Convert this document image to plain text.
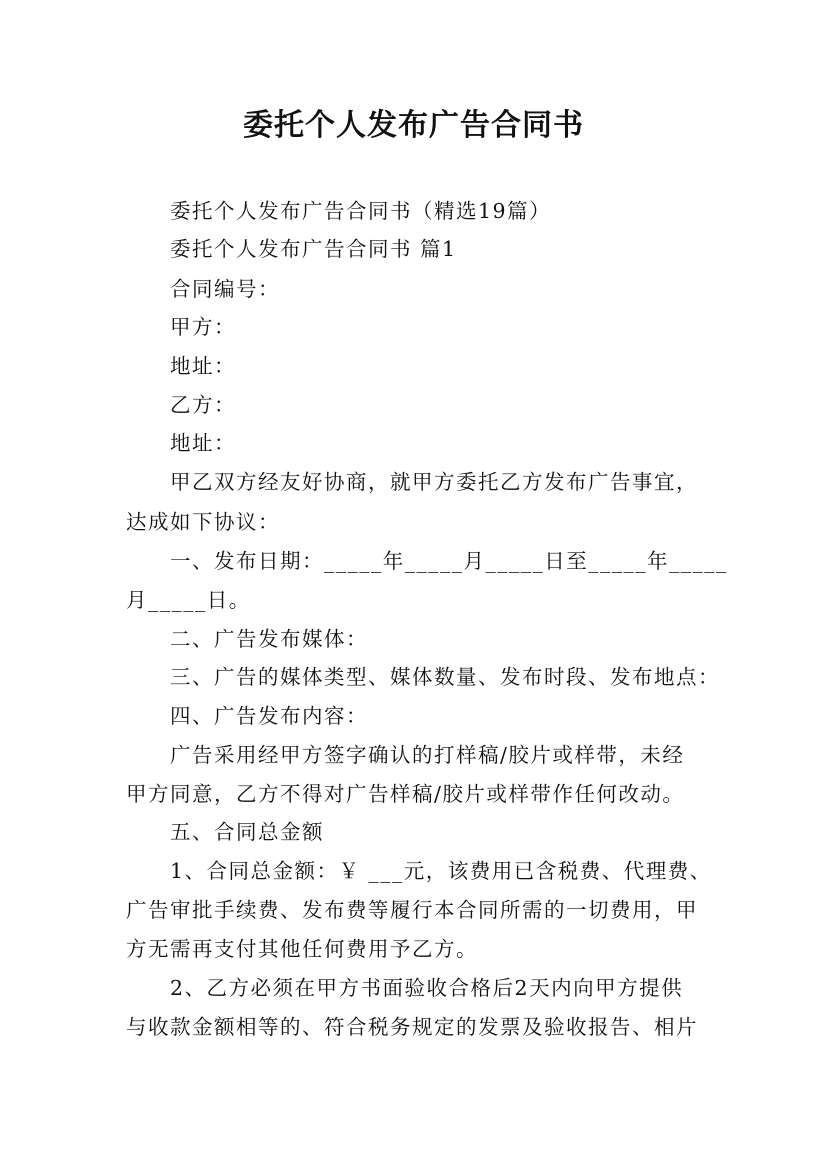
委托个人发布广告合同书
委托个人发布广告合同书（精选19篇）
委托个人发布广告合同书 篇1
合同编号：
甲方：
地址：
乙方：
地址：
甲乙双方经友好协商，就甲方委托乙方发布广告事宜，
达成如下协议：
一、发布日期：_____年_____月_____日至_____年_____
月_____日。
二、广告发布媒体：
三、广告的媒体类型、媒体数量、发布时段、发布地点：
四、广告发布内容：
广告采用经甲方签字确认的打样稿/胶片或样带，未经
甲方同意，乙方不得对广告样稿/胶片或样带作任何改动。
五、合同总金额
1、合同总金额：￥ ___元，该费用已含税费、代理费、
广告审批手续费、发布费等履行本合同所需的一切费用，甲
方无需再支付其他任何费用予乙方。
2、乙方必须在甲方书面验收合格后2天内向甲方提供
与收款金额相等的、符合税务规定的发票及验收报告、相片
